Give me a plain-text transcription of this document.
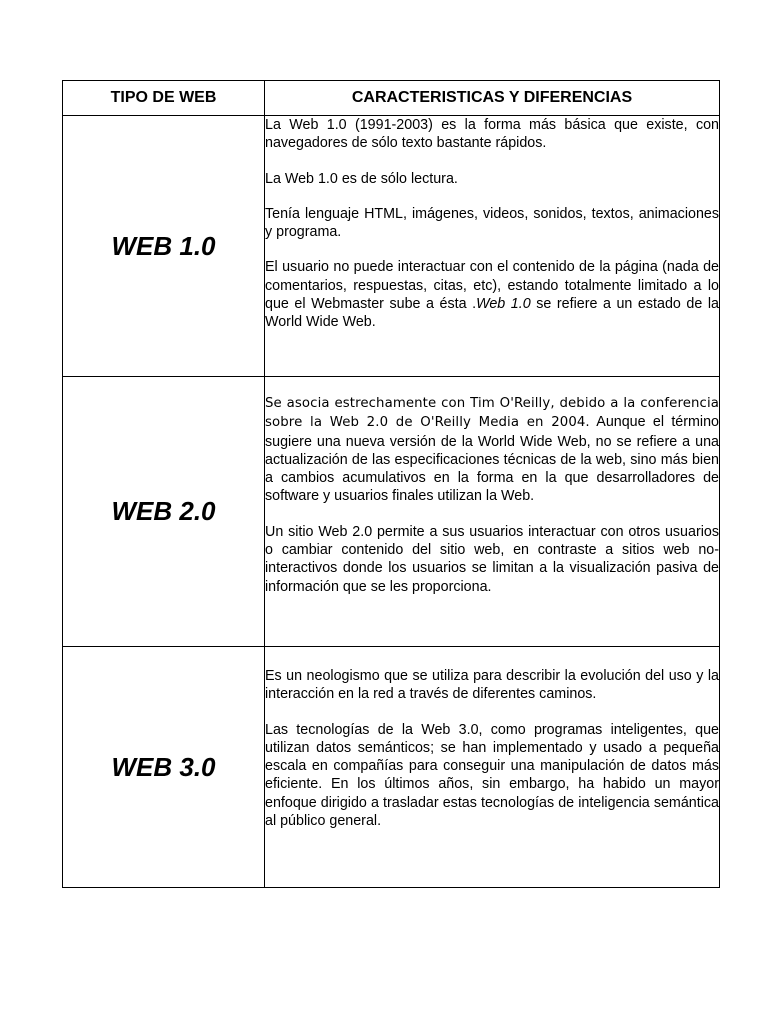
TIPO DE WEB	CARACTERISTICAS Y DIFERENCIAS
WEB 1.0	La Web 1.0 (1991-2003) es la forma más básica que existe, con navegadores de sólo texto bastante rápidos.

La Web 1.0 es de sólo lectura.

Tenía lenguaje HTML, imágenes, videos, sonidos, textos, animaciones y programa.

El usuario no puede interactuar con el contenido de la página (nada de comentarios, respuestas, citas, etc), estando totalmente limitado a lo que el Webmaster sube a ésta .Web 1.0 se refiere a un estado de la World Wide Web.

WEB 2.0	Se asocia estrechamente con Tim O'Reilly, debido a la conferencia sobre la Web 2.0 de O'Reilly Media en 2004. Aunque el término sugiere una nueva versión de la World Wide Web, no se refiere a una actualización de las especificaciones técnicas de la web, sino más bien a cambios acumulativos en la forma en la que desarrolladores de software y usuarios finales utilizan la Web.

Un sitio Web 2.0 permite a sus usuarios interactuar con otros usuarios o cambiar contenido del sitio web, en contraste a sitios web no-interactivos donde los usuarios se limitan a la visualización pasiva de información que se les proporciona.

WEB 3.0	Es un neologismo que se utiliza para describir la evolución del uso y la interacción en la red a través de diferentes caminos.

Las tecnologías de la Web 3.0, como programas inteligentes, que utilizan datos semánticos; se han implementado y usado a pequeña escala en compañías para conseguir una manipulación de datos más eficiente. En los últimos años, sin embargo, ha habido un mayor enfoque dirigido a trasladar estas tecnologías de inteligencia semántica al público general.
